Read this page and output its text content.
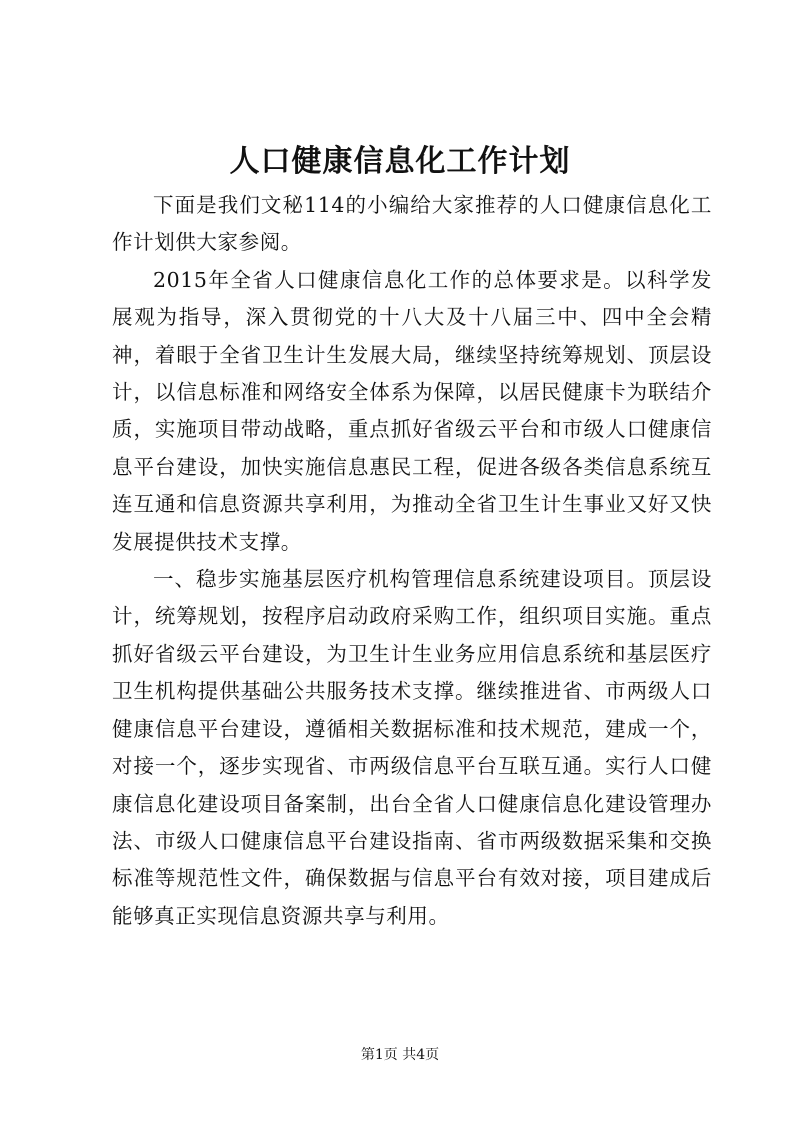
人口健康信息化工作计划

下面是我们文秘114的小编给大家推荐的人口健康信息化工作计划供大家参阅。

2015年全省人口健康信息化工作的总体要求是。以科学发展观为指导，深入贯彻党的十八大及十八届三中、四中全会精神，着眼于全省卫生计生发展大局，继续坚持统筹规划、顶层设计，以信息标准和网络安全体系为保障，以居民健康卡为联结介质，实施项目带动战略，重点抓好省级云平台和市级人口健康信息平台建设，加快实施信息惠民工程，促进各级各类信息系统互连互通和信息资源共享利用，为推动全省卫生计生事业又好又快发展提供技术支撑。

一、稳步实施基层医疗机构管理信息系统建设项目。顶层设计，统筹规划，按程序启动政府采购工作，组织项目实施。重点抓好省级云平台建设，为卫生计生业务应用信息系统和基层医疗卫生机构提供基础公共服务技术支撑。继续推进省、市两级人口健康信息平台建设，遵循相关数据标准和技术规范，建成一个，对接一个，逐步实现省、市两级信息平台互联互通。实行人口健康信息化建设项目备案制，出台全省人口健康信息化建设管理办法、市级人口健康信息平台建设指南、省市两级数据采集和交换标准等规范性文件，确保数据与信息平台有效对接，项目建成后能够真正实现信息资源共享与利用。

第1页 共4页
